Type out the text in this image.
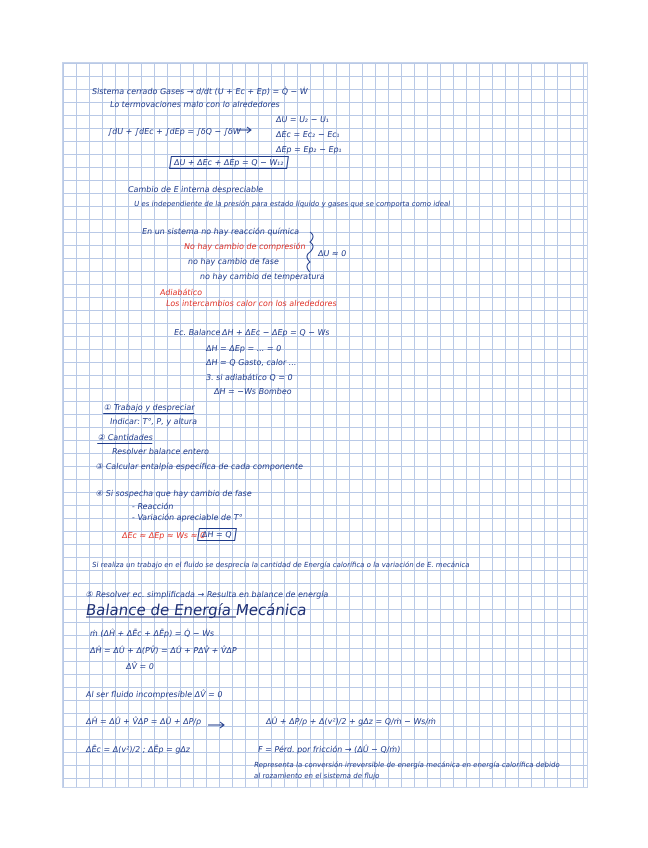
Sistema cerrado Gases → d/dt (U + Ec + Ep) = Q̇ − Ẇ
Lo termovaciones malo con lo alrededores
∫dU + ∫dEc + ∫dEp = ∫δQ − ∫δW
ΔU = U₂ − U₁
ΔEc = Ec₂ − Ec₁
ΔEp = Ep₂ − Ep₁
ΔU + ΔEc + ΔEp = Q − W₁₂
Cambio de E interna despreciable
U es independiente de la presión para estado líquido y gases que se comporta como ideal
En un sistema no hay reacción química
No hay cambio de compresión
no hay cambio de fase
no hay cambio de temperatura
ΔU ≈ 0
Adiabático
Los intercambios calor con los alrededores
Ec. Balance ΔH + ΔEc − ΔEp = Q − Ws
ΔH = ΔEp = ... = 0
ΔH = Q Gasto, calor ...
3. si adiabático Q = 0
ΔH = −Ws Bombeo
① Trabajo y despreciar
Indicar: T°, P, y altura
② Cantidades
Resolver balance entero
③ Calcular entalpía específica de cada componente
④ Si sospecha que hay cambio de fase
- Reacción
- Variación apreciable de T°
ΔEc ≈ ΔEp ≈ Ws ≈ 0
ΔH = Q
Si realiza un trabajo en el fluido se desprecia la cantidad de Energía calorífica o la variación de E. mecánica
⑤ Resolver ec. simplificada → Resulta en balance de energía
Balance de Energía Mecánica
ṁ (ΔĤ + ΔĒc + ΔĒp) = Q̇ − Ẇs
ΔĤ = ΔÛ + Δ(PV̂) = ΔÛ + PΔV̂ + V̂ΔP
ΔV̂ = 0
Al ser fluido incompresible ΔV̂ = 0
ΔĤ = ΔÛ + V̂ΔP = ΔÛ + ΔP/ρ	ΔÛ + ΔP/ρ + Δ(v²)/2 + gΔz = Q/ṁ − Ws/ṁ
ΔĒc = Δ(v²)/2 ; ΔĒp = gΔz	F = Pérd. por fricción → (ΔÛ − Q/ṁ)
Representa la conversión irreversible de energía mecánica en energía calorífica debido
al rozamiento en el sistema de flujo
